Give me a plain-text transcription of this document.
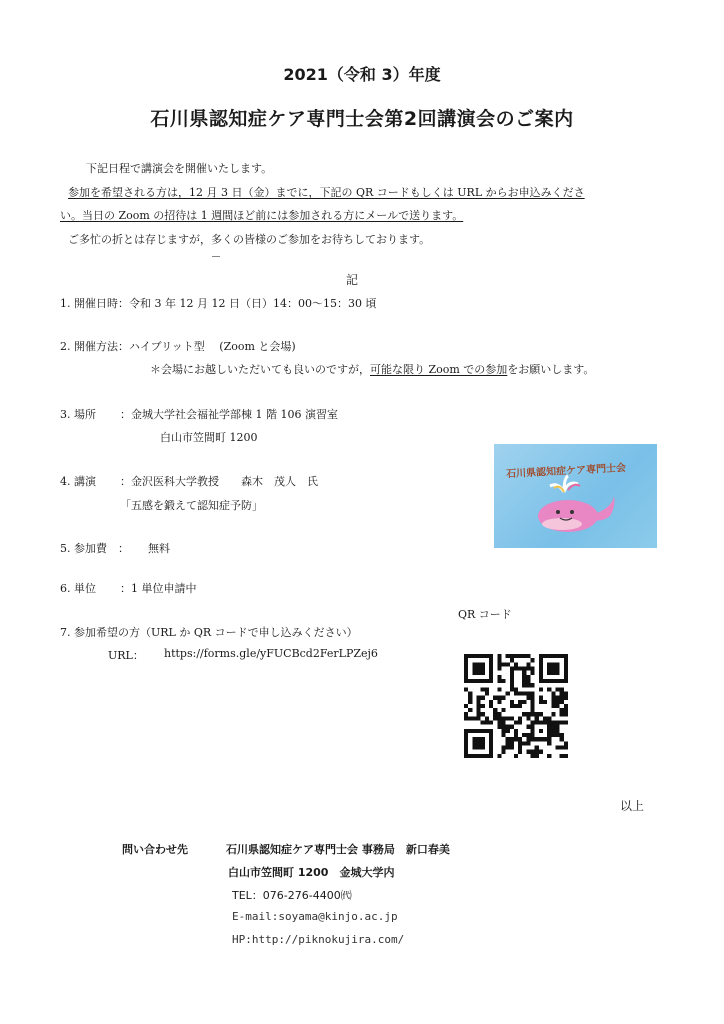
2021（令和 3）年度
石川県認知症ケア専門士会第2回講演会のご案内
下記日程で講演会を開催いたします。
参加を希望される方は，12 月 3 日（金）までに，下記の QR コードもしくは URL からお申込みくださ
い。当日の Zoom の招待は 1 週間ほど前には参加される方にメールで送ります。
ご多忙の折とは存じますが，多くの皆様のご参加をお待ちしております。
記
1. 開催日時：令和 3 年 12 月 12 日（日）14：00〜15：30 頃
2. 開催方法：ハイブリット型 　(Zoom と会場)
＊会場にお越しいただいても良いのですが，可能な限り Zoom での参加をお願いします。
3. 場所 ：金城大学社会福祉学部棟 1 階 106 演習室
白山市笠間町 1200
4. 講演 ：金沢医科大学教授　　森木　茂人　氏
「五感を鍛えて認知症予防」
5. 参加費　： 無料
6. 単位 ：1 単位申請中
7. 参加希望の方（URL か QR コードで申し込みください）
URL： https://forms.gle/yFUCBcd2FerLPZej6
石川県認知症ケア専門士会
QR コード
以上
問い合わせ先	石川県認知症ケア専門士会 事務局　新口春美
白山市笠間町 1200　金城大学内
TEL：076-276-4400㈹
E-mail:soyama@kinjo.ac.jp
HP:http://piknokujira.com/
